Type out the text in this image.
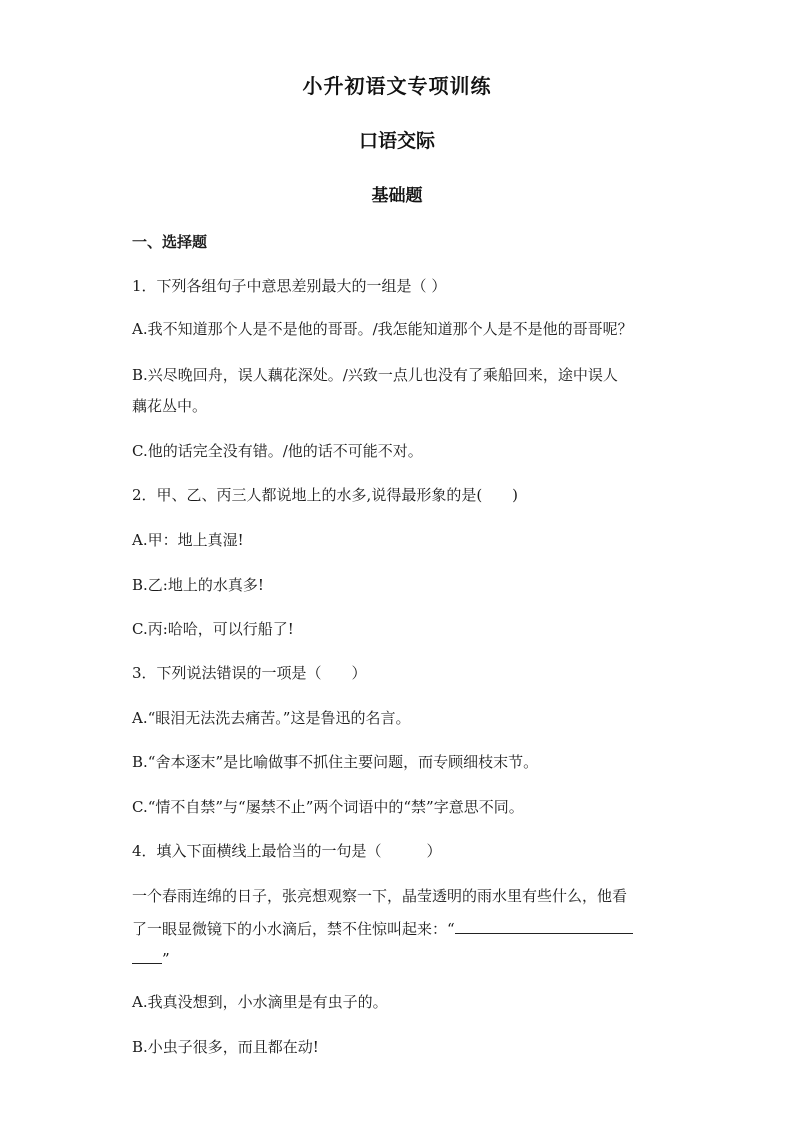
小升初语文专项训练
口语交际
基础题
一、选择题
1．下列各组句子中意思差别最大的一组是（ ）
A.我不知道那个人是不是他的哥哥。/我怎能知道那个人是不是他的哥哥呢？
B.兴尽晚回舟，误人藕花深处。/兴致一点儿也没有了乘船回来，途中误人
藕花丛中。
C.他的话完全没有错。/他的话不可能不对。
2．甲、乙、丙三人都说地上的水多,说得最形象的是(　　)
A.甲：地上真湿!
B.乙:地上的水真多!
C.丙:哈哈，可以行船了!
3．下列说法错误的一项是（　　）
A.“眼泪无法洗去痛苦。”这是鲁迅的名言。
B.“舍本逐末”是比喻做事不抓住主要问题，而专顾细枝末节。
C.“情不自禁”与“屡禁不止”两个词语中的“禁”字意思不同。
4．填入下面横线上最恰当的一句是（　　　）
一个春雨连绵的日子，张亮想观察一下，晶莹透明的雨水里有些什么，他看
了一眼显微镜下的小水滴后，禁不住惊叫起来：“
”
A.我真没想到，小水滴里是有虫子的。
B.小虫子很多，而且都在动!
